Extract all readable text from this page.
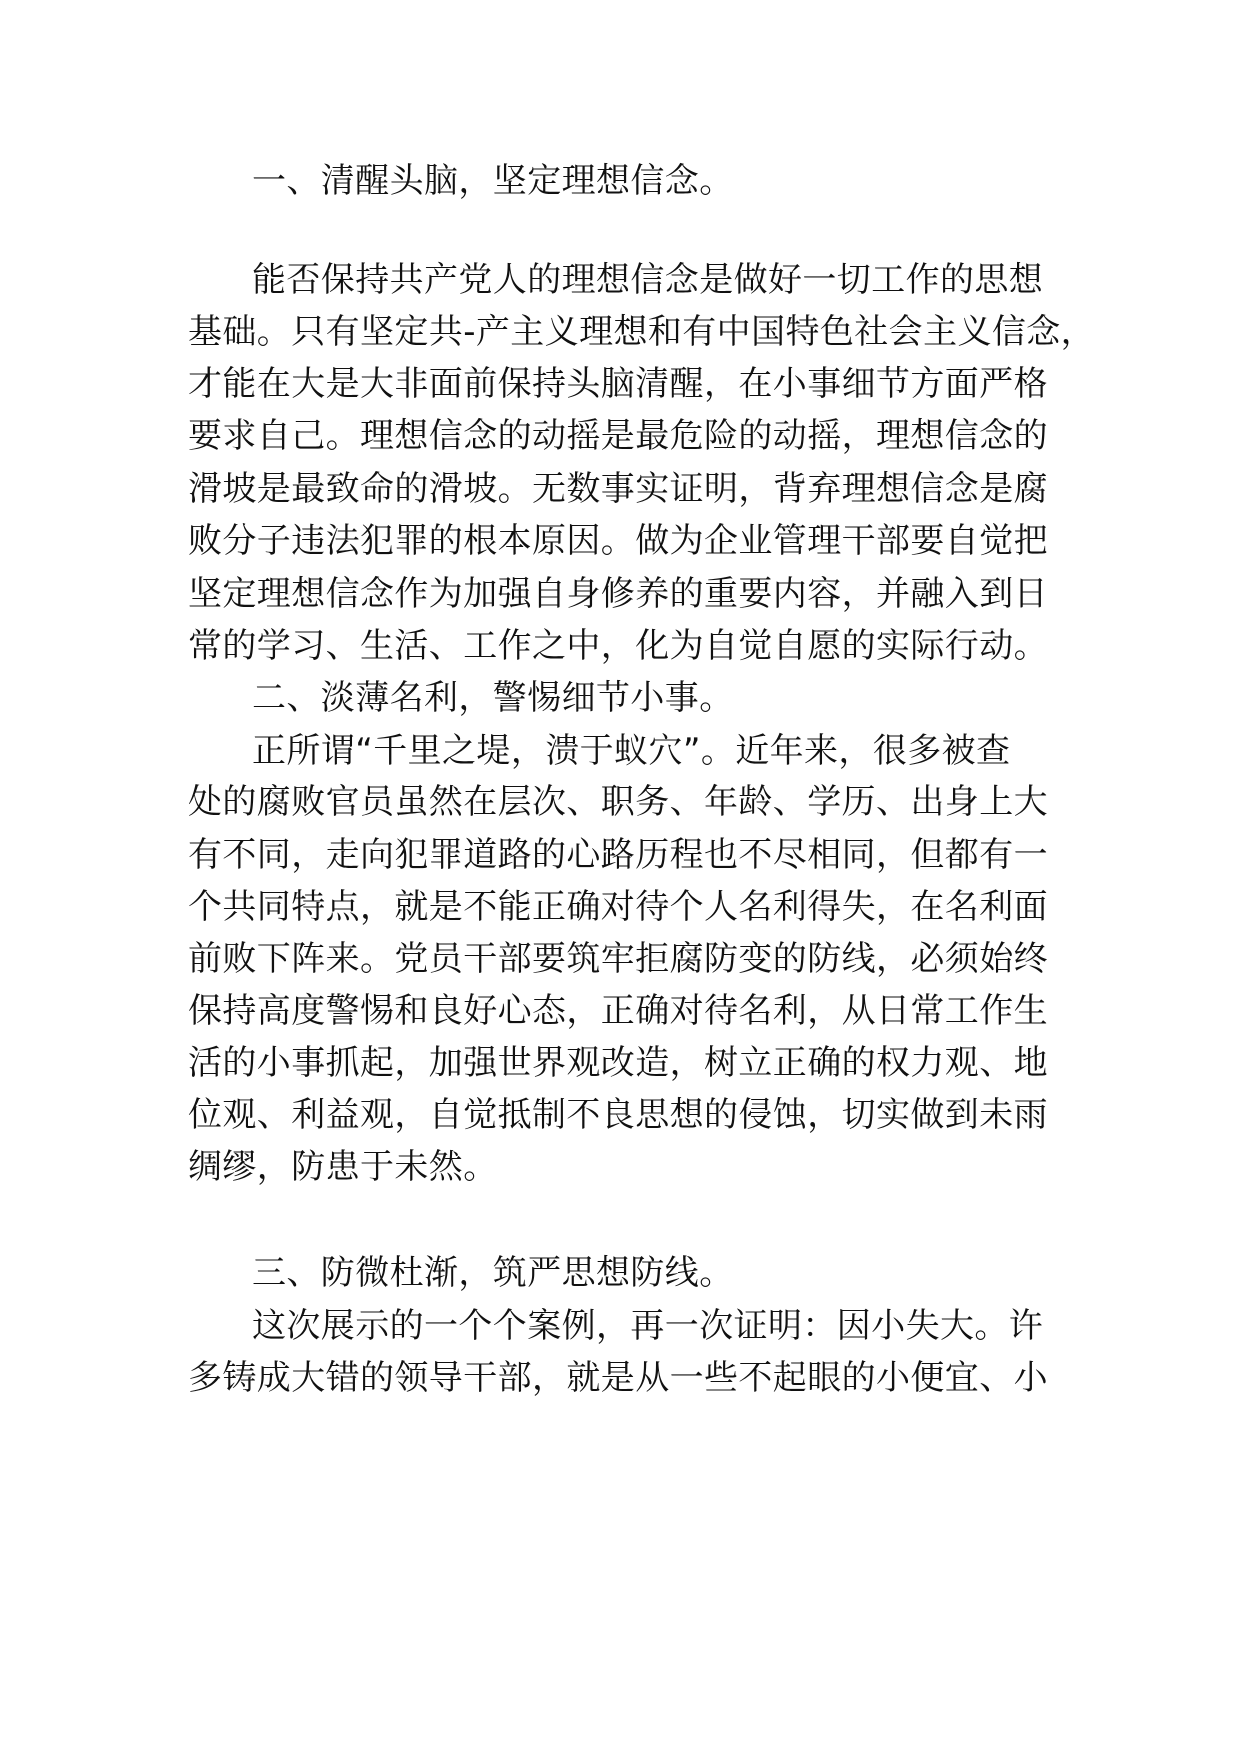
一、清醒头脑，坚定理想信念。
能否保持共产党人的理想信念是做好一切工作的思想
基础。只有坚定共-产主义理想和有中国特色社会主义信念，
才能在大是大非面前保持头脑清醒，在小事细节方面严格
要求自己。理想信念的动摇是最危险的动摇，理想信念的
滑坡是最致命的滑坡。无数事实证明，背弃理想信念是腐
败分子违法犯罪的根本原因。做为企业管理干部要自觉把
坚定理想信念作为加强自身修养的重要内容，并融入到日
常的学习、生活、工作之中，化为自觉自愿的实际行动。
二、淡薄名利，警惕细节小事。
正所谓“千里之堤，溃于蚁穴”。近年来，很多被查
处的腐败官员虽然在层次、职务、年龄、学历、出身上大
有不同，走向犯罪道路的心路历程也不尽相同，但都有一
个共同特点，就是不能正确对待个人名利得失，在名利面
前败下阵来。党员干部要筑牢拒腐防变的防线，必须始终
保持高度警惕和良好心态，正确对待名利，从日常工作生
活的小事抓起，加强世界观改造，树立正确的权力观、地
位观、利益观，自觉抵制不良思想的侵蚀，切实做到未雨
绸缪，防患于未然。
三、防微杜渐，筑严思想防线。
这次展示的一个个案例，再一次证明：因小失大。许
多铸成大错的领导干部，就是从一些不起眼的小便宜、小
